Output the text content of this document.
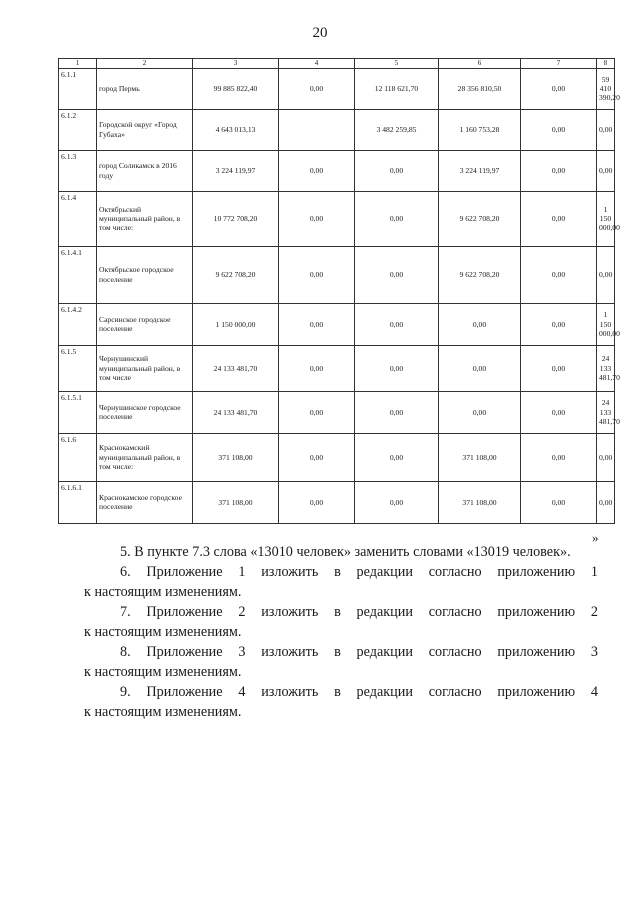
20
1	2	3	4	5	6	7	8
6.1.1	город Пермь	99 885 822,40	0,00	12 118 621,70	28 356 810,50	0,00	59 410 390,20
6.1.2	Городской округ «Город Губаха»	4 643 013,13		3 482 259,85	1 160 753,28	0,00	0,00
6.1.3	город Соликамск в 2016 году	3 224 119,97	0,00	0,00	3 224 119,97	0,00	0,00
6.1.4	Октябрьский муниципальный район, в том числе:	10 772 708,20	0,00	0,00	9 622 708,20	0,00	1 150 000,00
6.1.4.1	Октябрьское городское поселение	9 622 708,20	0,00	0,00	9 622 708,20	0,00	0,00
6.1.4.2	Сарсинское городское поселение	1 150 000,00	0,00	0,00	0,00	0,00	1 150 000,00
6.1.5	Чернушинский муниципальный район, в том числе	24 133 481,70	0,00	0,00	0,00	0,00	24 133 481,70
6.1.5.1	Чернушинское городское поселение	24 133 481,70	0,00	0,00	0,00	0,00	24 133 481,70
6.1.6	Краснокамский муниципальный район, в том числе:	371 108,00	0,00	0,00	371 108,00	0,00	0,00
6.1.6.1	Краснокамское городское поселение	371 108,00	0,00	0,00	371 108,00	0,00	0,00
»
5. В пункте 7.3 слова «13010 человек» заменить словами «13019 человек».
6. Приложение 1 изложить в редакции согласно приложению 1
к настоящим изменениям.
7. Приложение 2 изложить в редакции согласно приложению 2
к настоящим изменениям.
8. Приложение 3 изложить в редакции согласно приложению 3
к настоящим изменениям.
9. Приложение 4 изложить в редакции согласно приложению 4
к настоящим изменениям.
